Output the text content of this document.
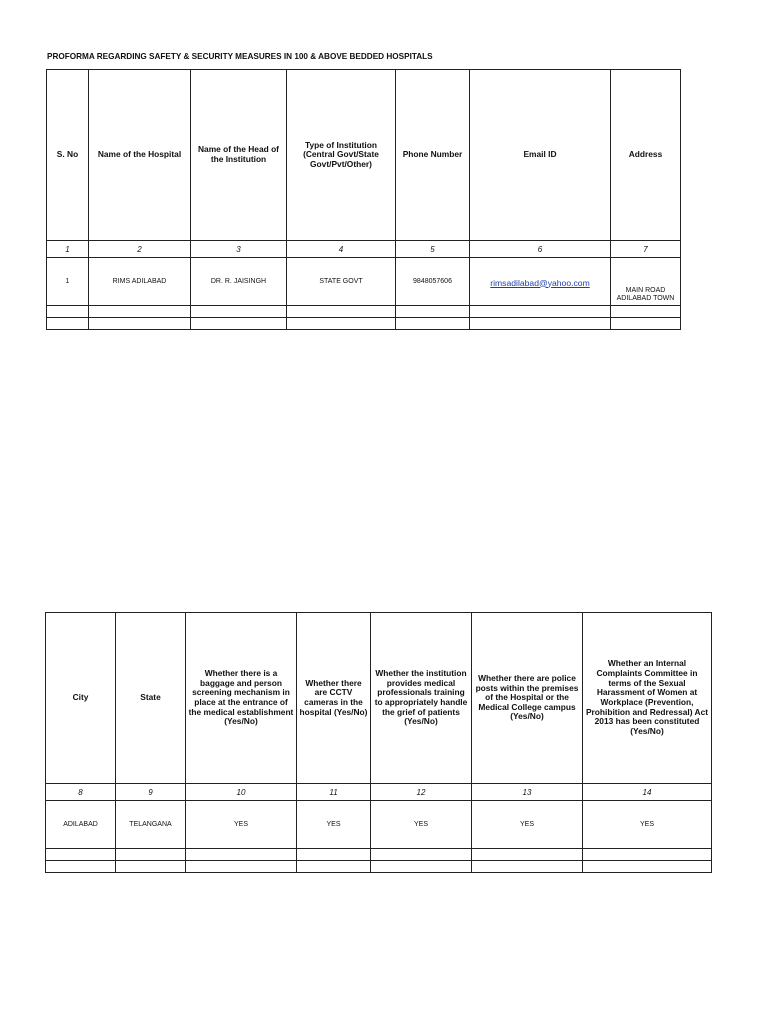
PROFORMA REGARDING SAFETY & SECURITY MEASURES IN 100 & ABOVE BEDDED HOSPITALS
S. No	Name of the Hospital	Name of the Head of the Institution	Type of Institution (Central Govt/State Govt/Pvt/Other)	Phone Number	Email ID	Address
1	2	3	4	5	6	7
1	RIMS ADILABAD	DR. R. JAISINGH	STATE GOVT	9848057606	rimsadilabad@yahoo.com	MAIN ROAD
ADILABAD TOWN

City	State	Whether there is a baggage and person screening mechanism in place at the entrance of the medical establishment (Yes/No)	Whether there are CCTV cameras in the hospital (Yes/No)	Whether the institution provides medical professionals training to appropriately handle the grief of patients (Yes/No)	Whether there are police posts within the premises of the Hospital or the Medical College campus (Yes/No)	Whether an Internal Complaints Committee in terms of the Sexual Harassment of Women at Workplace (Prevention, Prohibition and Redressal) Act 2013 has been constituted (Yes/No)
8	9	10	11	12	13	14
ADILABAD	TELANGANA	YES	YES	YES	YES	YES
